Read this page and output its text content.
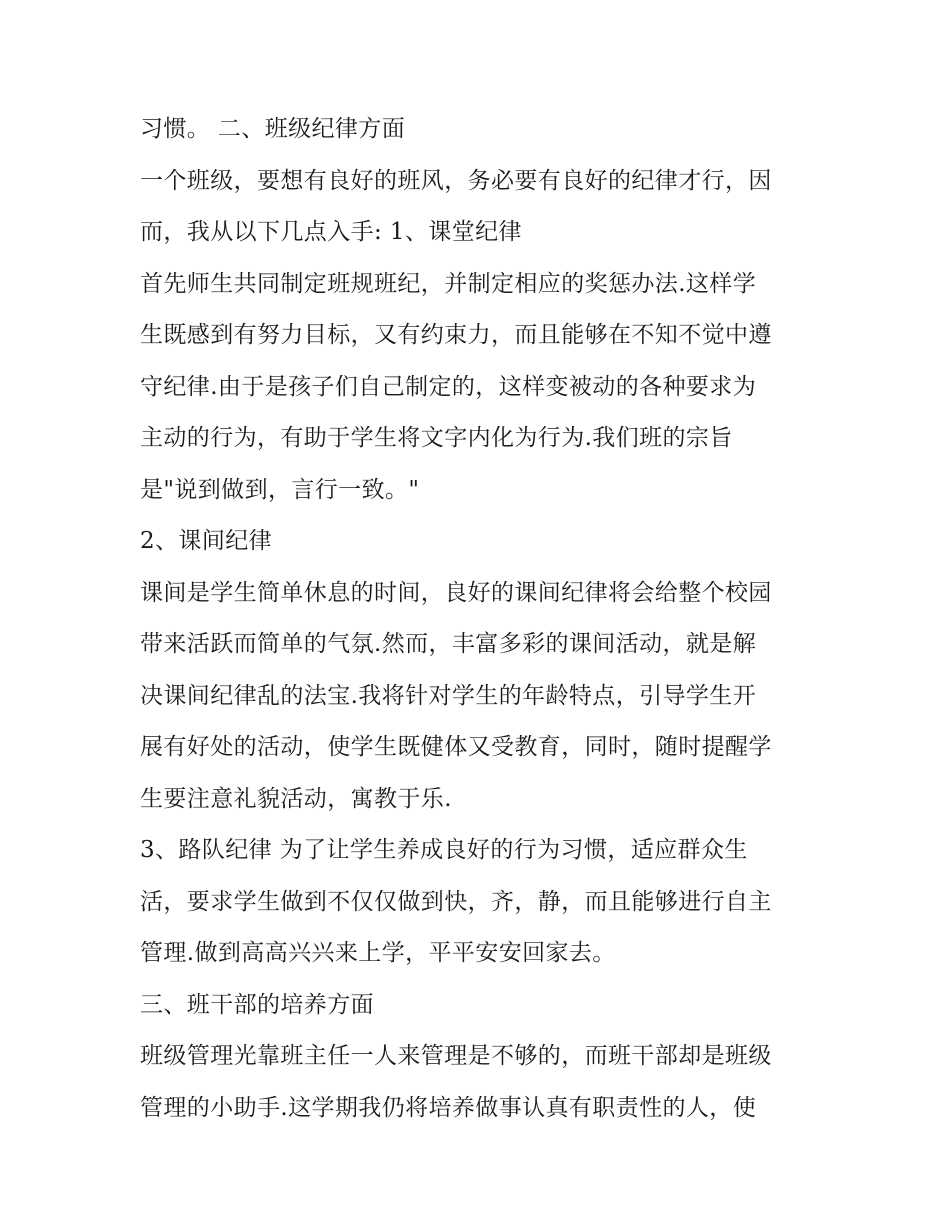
习惯。 二、班级纪律方面
一个班级，要想有良好的班风，务必要有良好的纪律才行，因
而，我从以下几点入手: 1、课堂纪律
首先师生共同制定班规班纪，并制定相应的奖惩办法.这样学
生既感到有努力目标，又有约束力，而且能够在不知不觉中遵
守纪律.由于是孩子们自己制定的，这样变被动的各种要求为
主动的行为，有助于学生将文字内化为行为.我们班的宗旨
是"说到做到，言行一致。"
2、课间纪律
课间是学生简单休息的时间，良好的课间纪律将会给整个校园
带来活跃而简单的气氛.然而，丰富多彩的课间活动，就是解
决课间纪律乱的法宝.我将针对学生的年龄特点，引导学生开
展有好处的活动，使学生既健体又受教育，同时，随时提醒学
生要注意礼貌活动，寓教于乐.
3、路队纪律 为了让学生养成良好的行为习惯，适应群众生
活，要求学生做到不仅仅做到快，齐，静，而且能够进行自主
管理.做到高高兴兴来上学，平平安安回家去。
三、班干部的培养方面
班级管理光靠班主任一人来管理是不够的，而班干部却是班级
管理的小助手.这学期我仍将培养做事认真有职责性的人，使
